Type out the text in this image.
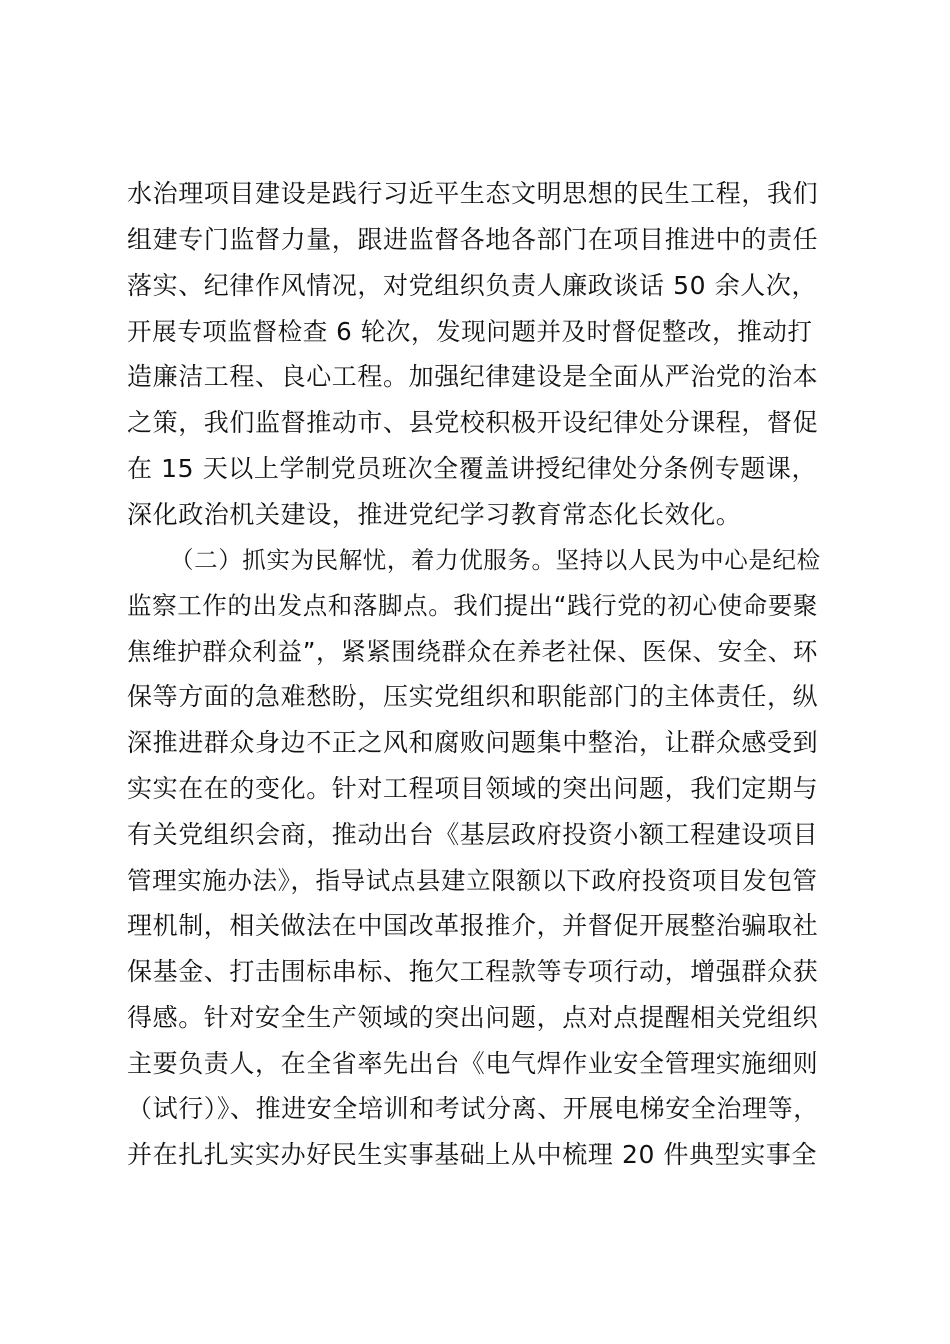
水治理项目建设是践行习近平生态文明思想的民生工程，我们
组建专门监督力量，跟进监督各地各部门在项目推进中的责任
落实、纪律作风情况，对党组织负责人廉政谈话 50 余人次，
开展专项监督检查 6 轮次，发现问题并及时督促整改，推动打
造廉洁工程、良心工程。加强纪律建设是全面从严治党的治本
之策，我们监督推动市、县党校积极开设纪律处分课程，督促
在 15 天以上学制党员班次全覆盖讲授纪律处分条例专题课，
深化政治机关建设，推进党纪学习教育常态化长效化。
（二）抓实为民解忧，着力优服务。坚持以人民为中心是纪检
监察工作的出发点和落脚点。我们提出“践行党的初心使命要聚
焦维护群众利益”，紧紧围绕群众在养老社保、医保、安全、环
保等方面的急难愁盼，压实党组织和职能部门的主体责任，纵
深推进群众身边不正之风和腐败问题集中整治，让群众感受到
实实在在的变化。针对工程项目领域的突出问题，我们定期与
有关党组织会商，推动出台《基层政府投资小额工程建设项目
管理实施办法》，指导试点县建立限额以下政府投资项目发包管
理机制，相关做法在中国改革报推介，并督促开展整治骗取社
保基金、打击围标串标、拖欠工程款等专项行动，增强群众获
得感。针对安全生产领域的突出问题，点对点提醒相关党组织
主要负责人，在全省率先出台《电气焊作业安全管理实施细则
（试行）》、推进安全培训和考试分离、开展电梯安全治理等，
并在扎扎实实办好民生实事基础上从中梳理 20 件典型实事全
